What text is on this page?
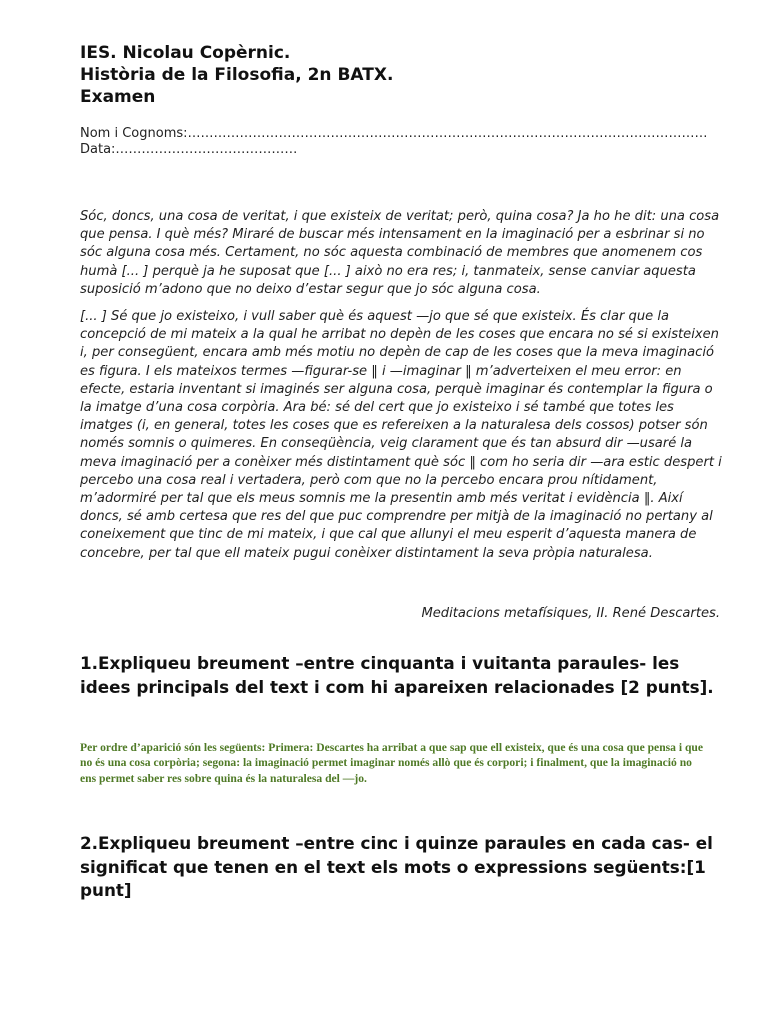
IES. Nicolau Copèrnic.
Història de la Filosofia, 2n BATX.
Examen
Nom i Cognoms:…………………………………………………………………………………………………………
Data:……………………………………

Sóc, doncs, una cosa de veritat, i que existeix de veritat; però, quina cosa? Ja ho he dit: una cosa que pensa. I què més? Miraré de buscar més intensament en la imaginació per a esbrinar si no sóc alguna cosa més. Certament, no sóc aquesta combinació de membres que anomenem cos humà [... ] perquè ja he suposat que [... ] això no era res; i, tanmateix, sense canviar aquesta suposició m’adono que no deixo d’estar segur que jo sóc alguna cosa.

[... ] Sé que jo existeixo, i vull saber què és aquest —jo que sé que existeix. És clar que la concepció de mi mateix a la qual he arribat no depèn de les coses que encara no sé si existeixen i, per consegüent, encara amb més motiu no depèn de cap de les coses que la meva imaginació es figura. I els mateixos termes —figurar-se ‖ i —imaginar ‖ m’adverteixen el meu error: en efecte, estaria inventant si imaginés ser alguna cosa, perquè imaginar és contemplar la figura o la imatge d’una cosa corpòria. Ara bé: sé del cert que jo existeixo i sé també que totes les imatges (i, en general, totes les coses que es refereixen a la naturalesa dels cossos) potser són només somnis o quimeres. En conseqüència, veig clarament que és tan absurd dir —usaré la meva imaginació per a conèixer més distintament què sóc ‖ com ho seria dir —ara estic despert i percebo una cosa real i vertadera, però com que no la percebo encara prou nítidament, m’adormiré per tal que els meus somnis me la presentin amb més veritat i evidència ‖. Així doncs, sé amb certesa que res del que puc comprendre per mitjà de la imaginació no pertany al coneixement que tinc de mi mateix, i que cal que allunyi el meu esperit d’aquesta manera de concebre, per tal que ell mateix pugui conèixer distintament la seva pròpia naturalesa.

Meditacions metafísiques, II. René Descartes.
1.Expliqueu breument –entre cinquanta i vuitanta paraules- les idees principals del text i com hi apareixen relacionades [2 punts].
Per ordre d’aparició són les següents: Primera: Descartes ha arribat a que sap que ell existeix, que és una cosa que pensa i que no és una cosa corpòria; segona: la imaginació permet imaginar només allò que és corpori; i finalment, que la imaginació no ens permet saber res sobre quina és la naturalesa del —jo.
2.Expliqueu breument –entre cinc i quinze paraules en cada cas- el significat que tenen en el text els mots o expressions següents:[1 punt]
